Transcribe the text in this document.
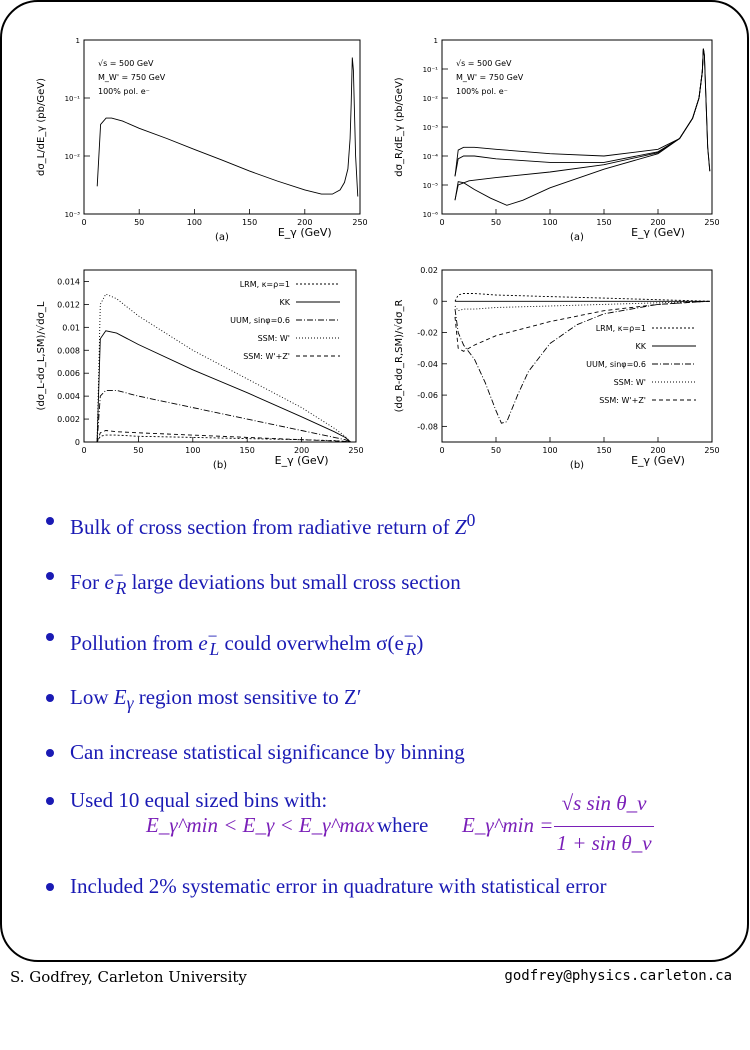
0	50	100	150	200	250
1
10⁻¹
10⁻²
10⁻³
E_γ (GeV)
(a)
dσ_L/dE_γ (pb/GeV)
√s = 500 GeV
M_W' = 750 GeV
100% pol. e⁻
0	50	100	150	200	250
1
10⁻¹
10⁻²
10⁻³
10⁻⁴
10⁻⁵
10⁻⁶
E_γ (GeV)
(a)
dσ_R/dE_γ (pb/GeV)
√s = 500 GeV
M_W' = 750 GeV
100% pol. e⁻
0	50	100	150	200	250
0
0.002
0.004
0.006
0.008
0.01
0.012
0.014
E_γ (GeV)
(b)
(dσ_L-dσ_L,SM)/√dσ_L
LRM, κ=ρ=1
KK
UUM, sinφ=0.6
SSM: W'
SSM: W'+Z'
0	50	100	150	200	250
0.02
0
-0.02
-0.04
-0.06
-0.08
E_γ (GeV)
(b)
(dσ_R-dσ_R,SM)/√dσ_R	LRM, κ=ρ=1
KK
UUM, sinφ=0.6
SSM: W'
SSM: W'+Z'
Bulk of cross section from radiative return of $Z^0$
For $e^-_R$ large deviations but small cross section
Pollution from $e^-_L$ could overwhelm $\sigma(e^-_R)$
Low $E_\gamma$ region most sensitive to Z′
Can increase statistical significance by binning
Used 10 equal sized bins with:
E_γ^min < E_γ < E_γ^max where E_γ^min =
√s sin θ_v
1 + sin θ_v
Included 2% systematic error in quadrature with statistical error
S. Godfrey, Carleton University	godfrey@physics.carleton.ca
